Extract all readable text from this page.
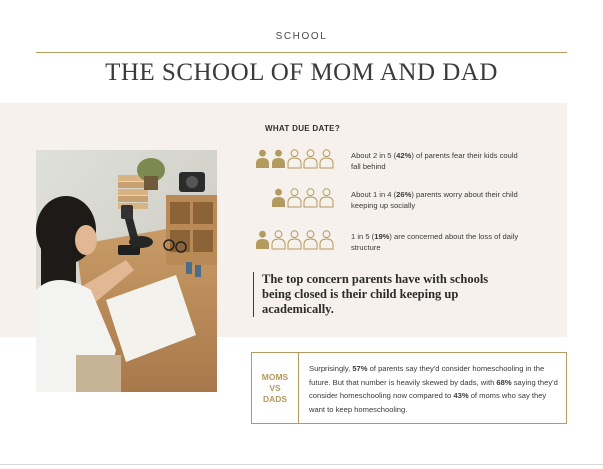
SCHOOL
THE SCHOOL OF MOM AND DAD
WHAT DUE DATE?
About 2 in 5 (42%) of parents fear their kids could fall behind
About 1 in 4 (26%) parents worry about their child keeping up socially
1 in 5 (19%) are concerned about the loss of daily structure
The top concern parents have with schools being closed is their child keeping up academically.
MOMS
VS
DADS
Surprisingly, 57% of parents say they'd consider homeschooling in the future. But that number is heavily skewed by dads, with 68% saying they'd consider homeschooling now compared to 43% of moms who say they want to keep homeschooling.
